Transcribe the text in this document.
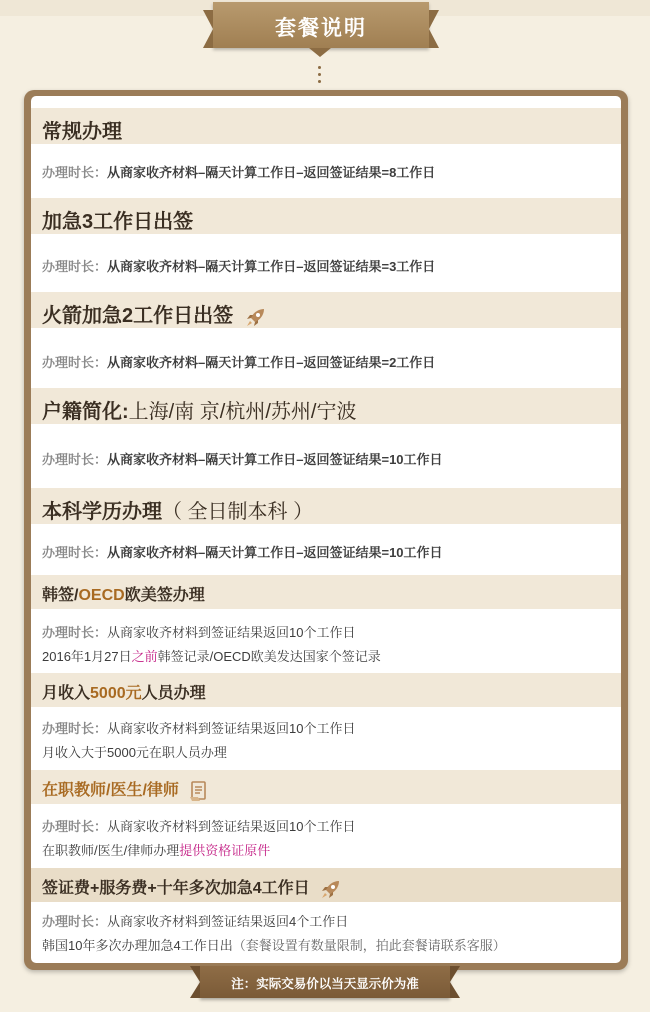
套餐说明
常规办理
办理时长：从商家收齐材料–隔天计算工作日–返回签证结果=8工作日
加急3工作日出签
办理时长：从商家收齐材料–隔天计算工作日–返回签证结果=3工作日
火箭加急2工作日出签
办理时长：从商家收齐材料–隔天计算工作日–返回签证结果=2工作日
户籍简化:上海/南 京/杭州/苏州/宁波
办理时长：从商家收齐材料–隔天计算工作日–返回签证结果=10工作日
本科学历办理（ 全日制本科 ）
办理时长：从商家收齐材料–隔天计算工作日–返回签证结果=10工作日
韩签/OECD欧美签办理
办理时长：从商家收齐材料到签证结果返回10个工作日
2016年1月27日之前韩签记录/OECD欧美发达国家个签记录
月收入5000元人员办理
办理时长：从商家收齐材料到签证结果返回10个工作日
月收入大于5000元在职人员办理
在职教师/医生/律师
办理时长：从商家收齐材料到签证结果返回10个工作日
在职教师/医生/律师办理提供资格证原件
签证费+服务费+十年多次加急4工作日
办理时长：从商家收齐材料到签证结果返回4个工作日
韩国10年多次办理加急4工作日出（套餐设置有数量限制，拍此套餐请联系客服）
注：实际交易价以当天显示价为准
